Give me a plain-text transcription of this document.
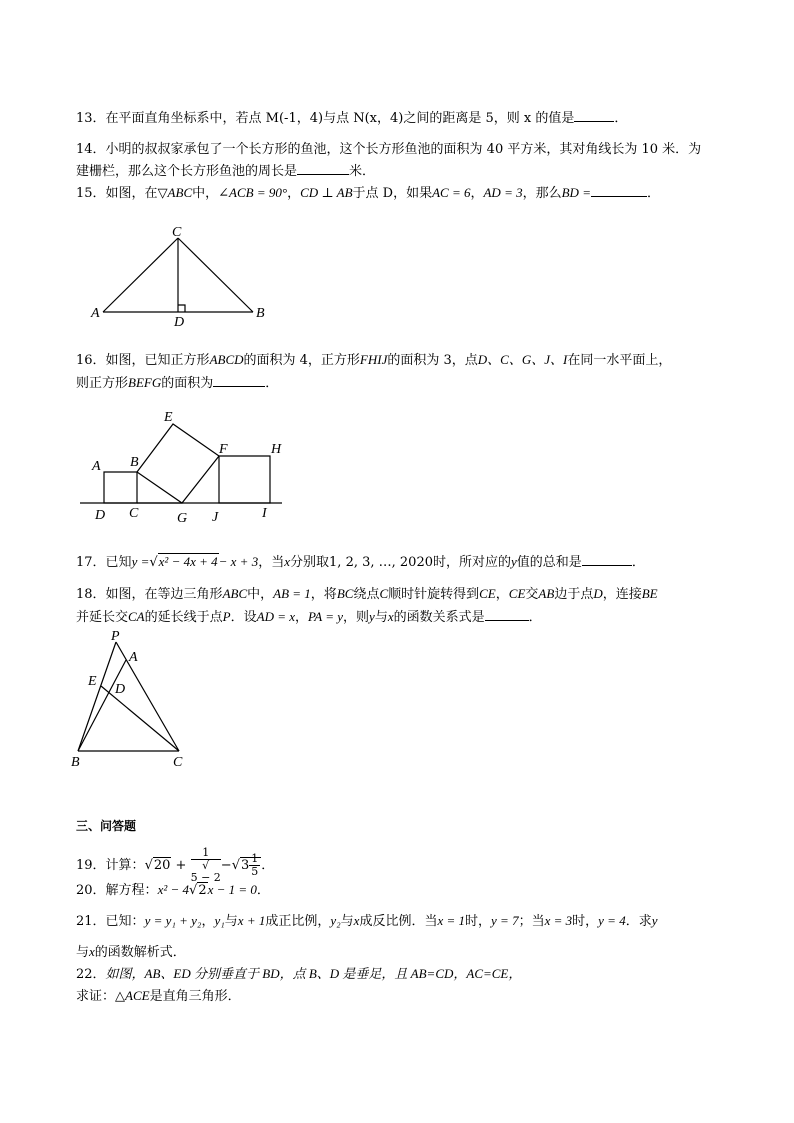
13．在平面直角坐标系中，若点 M(-1，4)与点 N(x，4)之间的距离是 5，则 x 的值是	．
14．小明的叔叔家承包了一个长方形的鱼池，这个长方形鱼池的面积为 40 平方米，其对角线长为 10 米．为
建栅栏，那么这个长方形鱼池的周长是	米．
15．如图，在▽ABC中，∠ACB = 90°，CD ⊥ AB于点 D，如果AC = 6，AD = 3，那么BD =	．
C
A	B
D
16．如图，已知正方形ABCD的面积为 4，正方形FHIJ的面积为 3，点D、C、G、J、I在同一水平面上，
则正方形BEFG的面积为	．
E
A B
F	H
D C	G J	I
17．已知y =√x² − 4x + 4− x + 3，当x分别取1, 2, 3, …, 2020时，所对应的y值的总和是	．
18．如图，在等边三角形ABC中，AB = 1，将BC绕点C顺时针旋转得到CE，CE交AB边于点D，连接BE
并延长交CA的延长线于点P．设AD = x，PA = y，则y与x的函数关系式是	．
P
A
E
D
B	C
三、问答题
19．计算：√20 + 1
√
$5 - 2 -√3 \frac{1}{5}$ ．
20．解方程：x² − 4√2x − 1 = 0．
21．已知：y = y₁ + y₂，y₁与x + 1成正比例，y₂与x成反比例．当x = 1时，y = 7；当x = 3时，y = 4．求y
与x的函数解析式．
22．如图，AB、ED 分别垂直于 BD，点 B、D 是垂足，且 AB=CD，AC=CE，
求证：△ACE是直角三角形．
